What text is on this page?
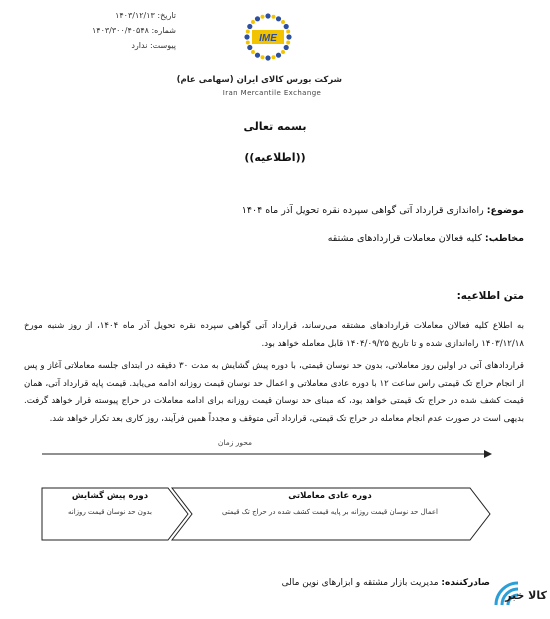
تاریخ: ۱۴۰۳/۱۲/۱۳
شماره: ۱۴۰۳/۳۰۰/۴۰۵۴۸
پیوست: ندارد
IME
شرکت بورس کالای ایران (سهامی عام)
Iran Mercantile Exchange
بسمه تعالی
((اطلاعیه))
موضوع: راه‌اندازی قرارداد آتی گواهی سپرده نقره تحویل آذر ماه ۱۴۰۴
مخاطب: کلیه فعالان معاملات قراردادهای مشتقه
متن اطلاعیه:
به اطلاع کلیه فعالان معاملات قراردادهای مشتقه می‌رساند، قرارداد آتی گواهی سپرده نقره تحویل آذر ماه ۱۴۰۴، از روز شنبه مورخ ۱۴۰۳/۱۲/۱۸ راه‌اندازی شده و تا تاریخ ۱۴۰۴/۰۹/۲۵ قابل معامله خواهد بود.
قراردادهای آتی در اولین روز معاملاتی، بدون حد نوسان قیمتی، با دوره پیش گشایش به مدت ۳۰ دقیقه در ابتدای جلسه معاملاتی آغاز و پس از انجام حراج تک قیمتی راس ساعت ۱۲ با دوره عادی معاملاتی و اعمال حد نوسان قیمت روزانه ادامه می‌یابد. قیمت پایه قرارداد آتی، همان قیمت کشف شده در حراج تک قیمتی خواهد بود، که مبنای حد نوسان قیمت روزانه برای ادامه معاملات در حراج پیوسته قرار خواهد گرفت. بدیهی است در صورت عدم انجام معامله در حراج تک قیمتی، قرارداد آتی متوقف و مجدداً همین فرآیند، روز کاری بعد تکرار خواهد شد.
محور زمان
دوره پیش گشایش
بدون حد نوسان قیمت روزانه
دوره عادی معاملاتی
اعمال حد نوسان قیمت روزانه بر پایه قیمت کشف شده در حراج تک قیمتی
صادرکننده: مدیریت بازار مشتقه و ابزارهای نوین مالی
کالا خبر
